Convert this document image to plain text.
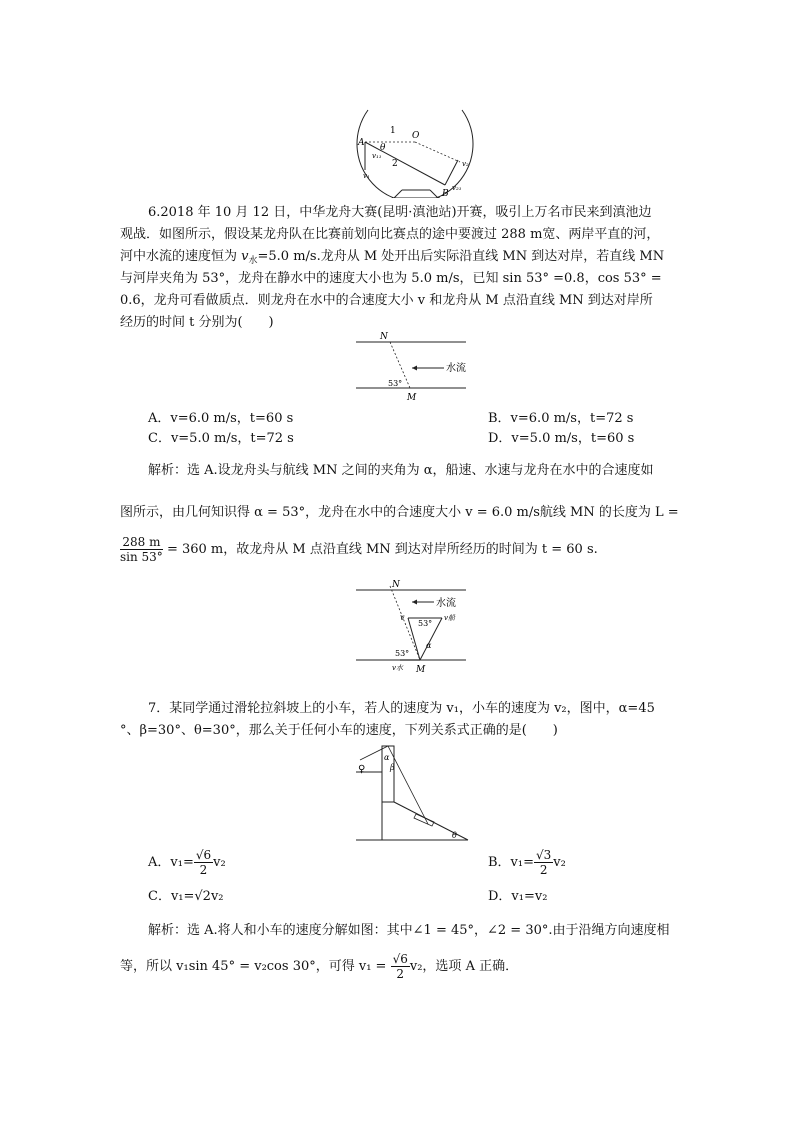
A
O
1
2
θ
v₁
v₁₁
v₂
v₂₁
B
6.2018 年 10 月 12 日，中华龙舟大赛(昆明·滇池站)开赛，吸引上万名市民来到滇池边
观战．如图所示，假设某龙舟队在比赛前划向比赛点的途中要渡过 288 m宽、两岸平直的河，
河中水流的速度恒为 $v_水=5.0$ m/s.龙舟从 M 处开出后实际沿直线 MN 到达对岸，若直线 MN
与河岸夹角为 53°，龙舟在静水中的速度大小也为 5.0 m/s，已知 sin 53° =0.8，cos 53° =
0.6，龙舟可看做质点．则龙舟在水中的合速度大小 v 和龙舟从 M 点沿直线 MN 到达对岸所
经历的时间 t 分别为(　　)
N
水流
53°
M
A．v=6.0 m/s，t=60 s	B．v=6.0 m/s，t=72 s
C．v=5.0 m/s，t=72 s	D．v=5.0 m/s，t=60 s
解析：选 A.设龙舟头与航线 MN 之间的夹角为 α，船速、水速与龙舟在水中的合速度如
图所示，由几何知识得 α = 53°，龙舟在水中的合速度大小 v = 6.0 m/s航线 MN 的长度为 L =
$\frac{288 m}{\sin 53^\circ} = 360$ m，故龙舟从 M 点沿直线 MN 到达对岸所经历的时间为 t = 60 s.
N
水流
v
53°
v船
α
53°
v水 M
7．某同学通过滑轮拉斜坡上的小车，若人的速度为 v₁，小车的速度为 v₂，图中，α=45
°、β=30°、θ=30°，那么关于任何小车的速度，下列关系式正确的是(　　)
♀
α
β
θ
A．$v_1= \frac{√6}{2} v_2$	B．$v_1= \frac{√3}{2} v_2$
C．v₁=√2v₂	D．v₁=v₂
解析：选 A.将人和小车的速度分解如图：其中∠1 = 45°，∠2 = 30°.由于沿绳方向速度相
等，所以 v₁sin 45° = v₂cos 30°，可得 $v_1 = \frac{√6}{2} v_2$，选项 A 正确．
